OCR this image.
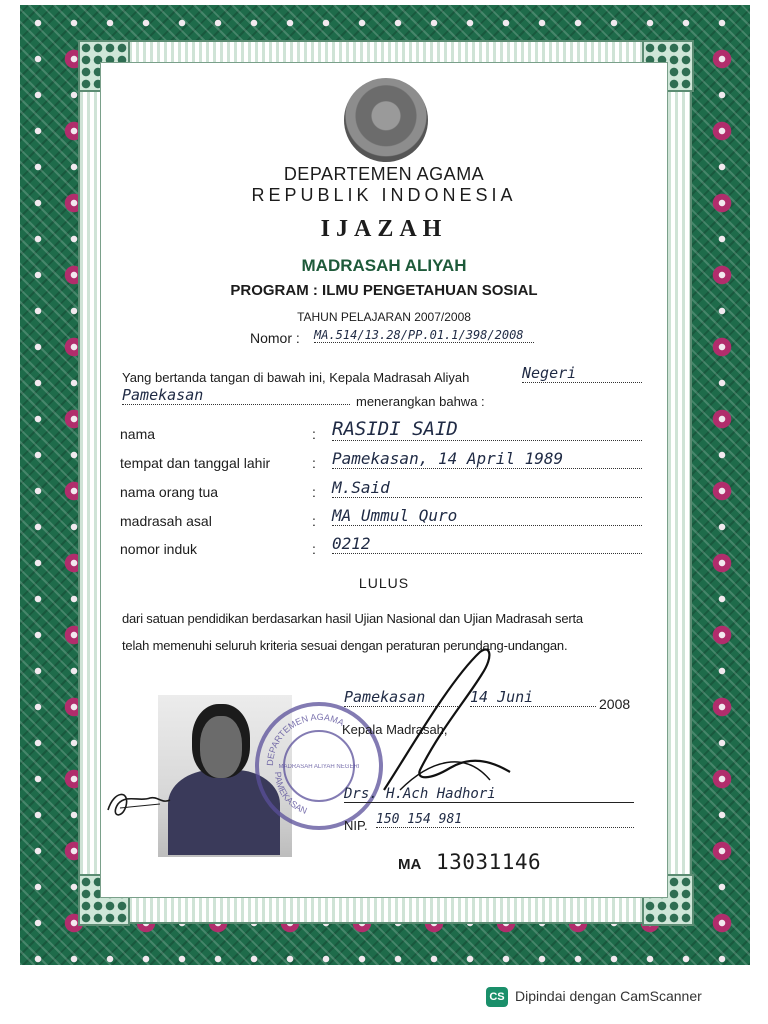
DEPARTEMEN AGAMA
REPUBLIK INDONESIA
IJAZAH
MADRASAH ALIYAH
PROGRAM : ILMU PENGETAHUAN SOSIAL
TAHUN PELAJARAN 2007/2008
Nomor : MA.514/13.28/PP.01.1/398/2008
Yang bertanda tangan di bawah ini, Kepala Madrasah Aliyah	Negeri
Pamekasan	menerangkan bahwa :
nama	: RASIDI SAID
tempat dan tanggal lahir	: Pamekasan, 14 April 1989
nama orang tua	: M.Said
madrasah asal	: MA Ummul Quro
nomor induk	: 0212
LULUS
dari satuan pendidikan berdasarkan hasil Ujian Nasional dan Ujian Madrasah serta
telah memenuhi seluruh kriteria sesuai dengan peraturan perundang-undangan.
DEPARTEMEN AGAMA
MADRASAH ALIYAH NEGERI
PAMEKASAN
Pamekasan	14 Juni	2008
Kepala Madrasah,
Drs. H.Ach Hadhori
NIP. 150 154 981
MA 13031146
CS Dipindai dengan CamScanner
